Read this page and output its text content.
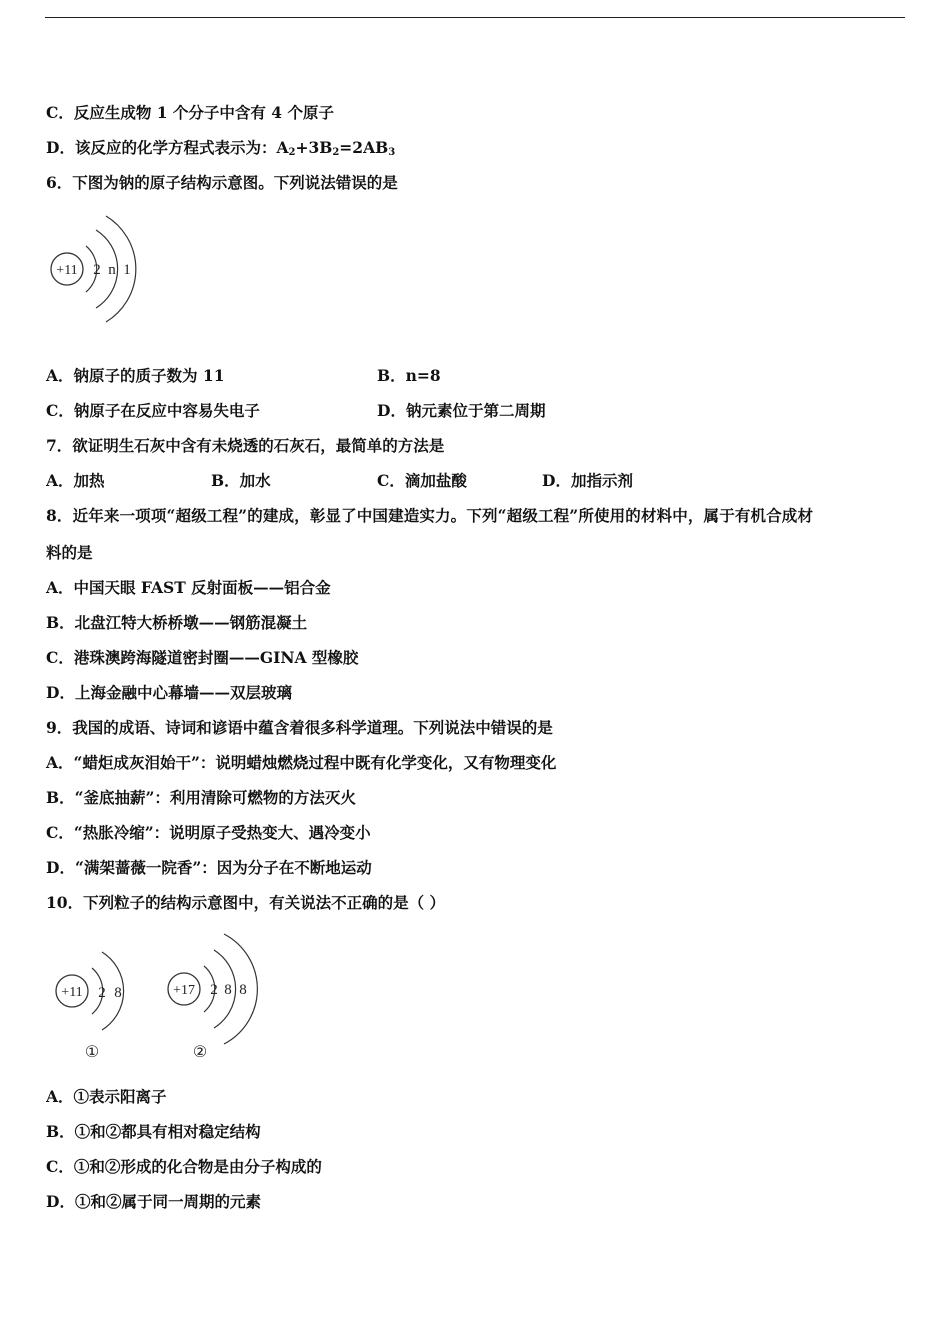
C．反应生成物 1 个分子中含有 4 个原子
D．该反应的化学方程式表示为：$A_2+3B_2=2AB_3$
6．下图为钠的原子结构示意图。下列说法错误的是
+11 2 n 1
A．钠原子的质子数为 11	B．n=8
C．钠原子在反应中容易失电子	D．钠元素位于第二周期
7．欲证明生石灰中含有未烧透的石灰石，最简单的方法是
A．加热	B．加水	C．滴加盐酸	D．加指示剂
8．近年来一项项“超级工程”的建成，彰显了中国建造实力。下列“超级工程”所使用的材料中，属于有机合成材
料的是
A．中国天眼 FAST 反射面板——铝合金
B．北盘江特大桥桥墩——钢筋混凝土
C．港珠澳跨海隧道密封圈——GINA 型橡胶
D．上海金融中心幕墙——双层玻璃
9．我国的成语、诗词和谚语中蕴含着很多科学道理。下列说法中错误的是
A．“蜡炬成灰泪始干”：说明蜡烛燃烧过程中既有化学变化，又有物理变化
B．“釜底抽薪”：利用清除可燃物的方法灭火
C．“热胀冷缩”：说明原子受热变大、遇冷变小
D．“满架蔷薇一院香”：因为分子在不断地运动
10．下列粒子的结构示意图中，有关说法不正确的是（ ）
+11 2 8
①
+17 2 8 8
②
A．①表示阳离子
B．①和②都具有相对稳定结构
C．①和②形成的化合物是由分子构成的
D．①和②属于同一周期的元素
